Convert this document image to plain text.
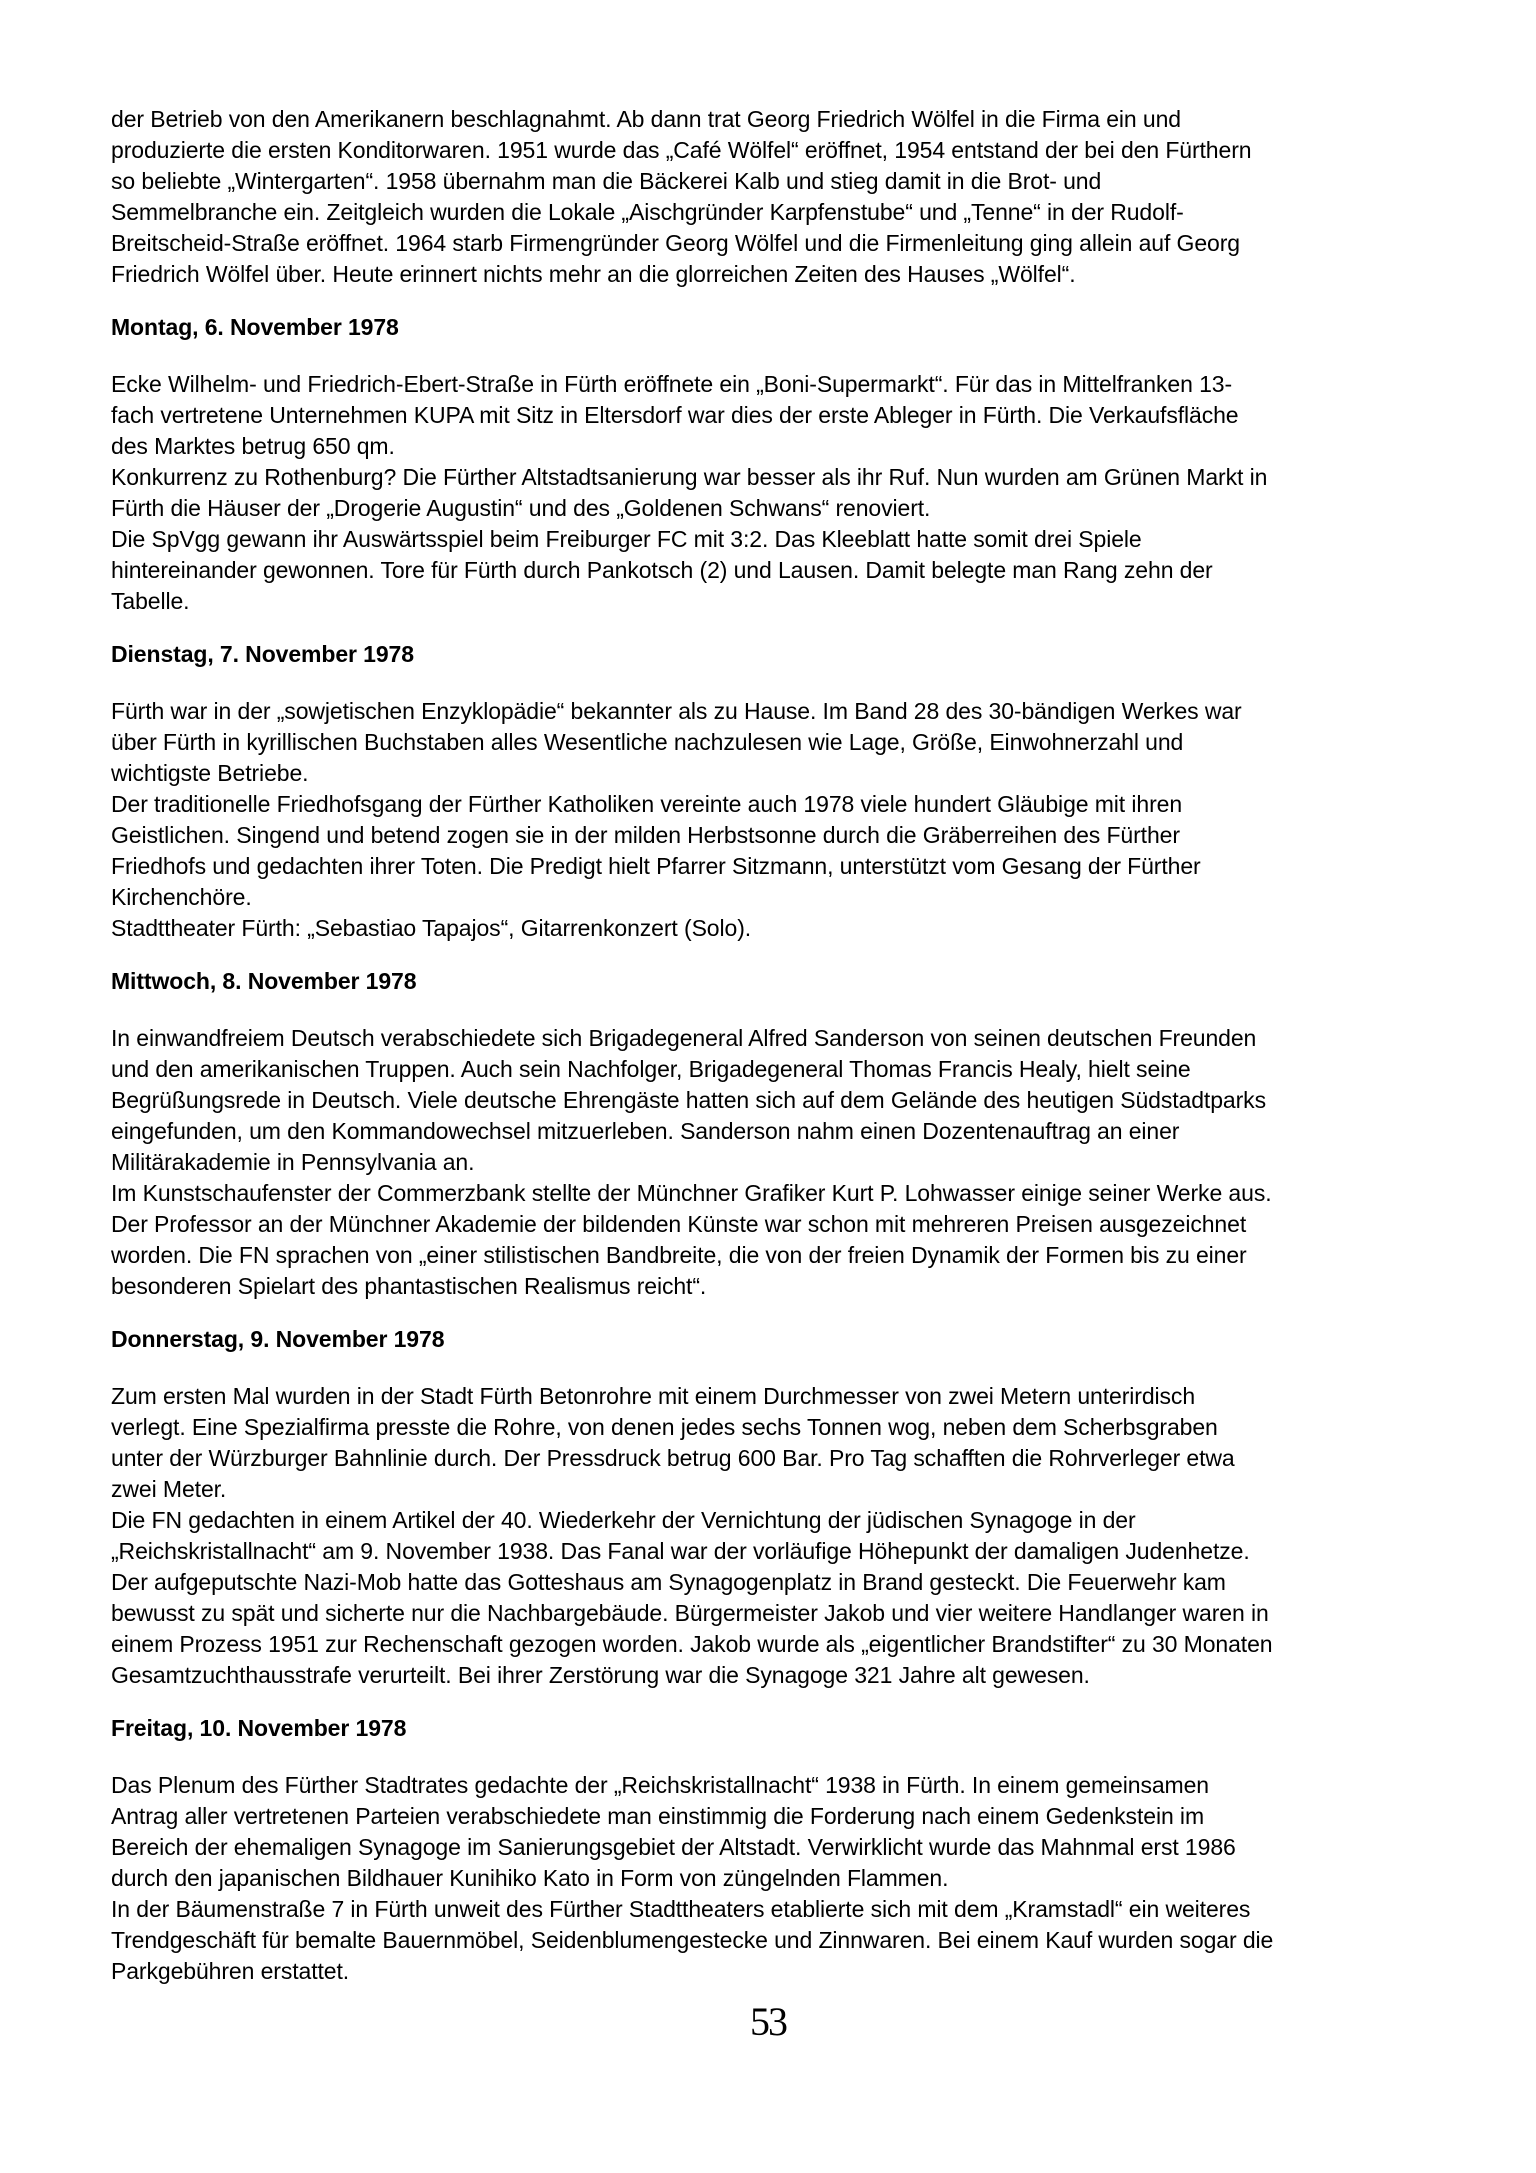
der Betrieb von den Amerikanern beschlagnahmt. Ab dann trat Georg Friedrich Wölfel in die Firma ein und
produzierte die ersten Konditorwaren. 1951 wurde das „Café Wölfel“ eröffnet, 1954 entstand der bei den Fürthern
so beliebte „Wintergarten“. 1958 übernahm man die Bäckerei Kalb und stieg damit in die Brot- und
Semmelbranche ein. Zeitgleich wurden die Lokale „Aischgründer Karpfenstube“ und „Tenne“ in der Rudolf-
Breitscheid-Straße eröffnet. 1964 starb Firmengründer Georg Wölfel und die Firmenleitung ging allein auf Georg
Friedrich Wölfel über. Heute erinnert nichts mehr an die glorreichen Zeiten des Hauses „Wölfel“.
Montag, 6. November 1978
Ecke Wilhelm- und Friedrich-Ebert-Straße in Fürth eröffnete ein „Boni-Supermarkt“. Für das in Mittelfranken 13-
fach vertretene Unternehmen KUPA mit Sitz in Eltersdorf war dies der erste Ableger in Fürth. Die Verkaufsfläche
des Marktes betrug 650 qm.
Konkurrenz zu Rothenburg? Die Fürther Altstadtsanierung war besser als ihr Ruf. Nun wurden am Grünen Markt in
Fürth die Häuser der „Drogerie Augustin“ und des „Goldenen Schwans“ renoviert.
Die SpVgg gewann ihr Auswärtsspiel beim Freiburger FC mit 3:2. Das Kleeblatt hatte somit drei Spiele
hintereinander gewonnen. Tore für Fürth durch Pankotsch (2) und Lausen. Damit belegte man Rang zehn der
Tabelle.
Dienstag, 7. November 1978
Fürth war in der „sowjetischen Enzyklopädie“ bekannter als zu Hause. Im Band 28 des 30-bändigen Werkes war
über Fürth in kyrillischen Buchstaben alles Wesentliche nachzulesen wie Lage, Größe, Einwohnerzahl und
wichtigste Betriebe.
Der traditionelle Friedhofsgang der Fürther Katholiken vereinte auch 1978 viele hundert Gläubige mit ihren
Geistlichen. Singend und betend zogen sie in der milden Herbstsonne durch die Gräberreihen des Fürther
Friedhofs und gedachten ihrer Toten. Die Predigt hielt Pfarrer Sitzmann, unterstützt vom Gesang der Fürther
Kirchenchöre.
Stadttheater Fürth: „Sebastiao Tapajos“, Gitarrenkonzert (Solo).
Mittwoch, 8. November 1978
In einwandfreiem Deutsch verabschiedete sich Brigadegeneral Alfred Sanderson von seinen deutschen Freunden
und den amerikanischen Truppen. Auch sein Nachfolger, Brigadegeneral Thomas Francis Healy, hielt seine
Begrüßungsrede in Deutsch. Viele deutsche Ehrengäste hatten sich auf dem Gelände des heutigen Südstadtparks
eingefunden, um den Kommandowechsel mitzuerleben. Sanderson nahm einen Dozentenauftrag an einer
Militärakademie in Pennsylvania an.
Im Kunstschaufenster der Commerzbank stellte der Münchner Grafiker Kurt P. Lohwasser einige seiner Werke aus.
Der Professor an der Münchner Akademie der bildenden Künste war schon mit mehreren Preisen ausgezeichnet
worden. Die FN sprachen von „einer stilistischen Bandbreite, die von der freien Dynamik der Formen bis zu einer
besonderen Spielart des phantastischen Realismus reicht“.
Donnerstag, 9. November 1978
Zum ersten Mal wurden in der Stadt Fürth Betonrohre mit einem Durchmesser von zwei Metern unterirdisch
verlegt. Eine Spezialfirma presste die Rohre, von denen jedes sechs Tonnen wog, neben dem Scherbsgraben
unter der Würzburger Bahnlinie durch. Der Pressdruck betrug 600 Bar. Pro Tag schafften die Rohrverleger etwa
zwei Meter.
Die FN gedachten in einem Artikel der 40. Wiederkehr der Vernichtung der jüdischen Synagoge in der
„Reichskristallnacht“ am 9. November 1938. Das Fanal war der vorläufige Höhepunkt der damaligen Judenhetze.
Der aufgeputschte Nazi-Mob hatte das Gotteshaus am Synagogenplatz in Brand gesteckt. Die Feuerwehr kam
bewusst zu spät und sicherte nur die Nachbargebäude. Bürgermeister Jakob und vier weitere Handlanger waren in
einem Prozess 1951 zur Rechenschaft gezogen worden. Jakob wurde als „eigentlicher Brandstifter“ zu 30 Monaten
Gesamtzuchthausstrafe verurteilt. Bei ihrer Zerstörung war die Synagoge 321 Jahre alt gewesen.
Freitag, 10. November 1978
Das Plenum des Fürther Stadtrates gedachte der „Reichskristallnacht“ 1938 in Fürth. In einem gemeinsamen
Antrag aller vertretenen Parteien verabschiedete man einstimmig die Forderung nach einem Gedenkstein im
Bereich der ehemaligen Synagoge im Sanierungsgebiet der Altstadt. Verwirklicht wurde das Mahnmal erst 1986
durch den japanischen Bildhauer Kunihiko Kato in Form von züngelnden Flammen.
In der Bäumenstraße 7 in Fürth unweit des Fürther Stadttheaters etablierte sich mit dem „Kramstadl“ ein weiteres
Trendgeschäft für bemalte Bauernmöbel, Seidenblumengestecke und Zinnwaren. Bei einem Kauf wurden sogar die
Parkgebühren erstattet.
53
